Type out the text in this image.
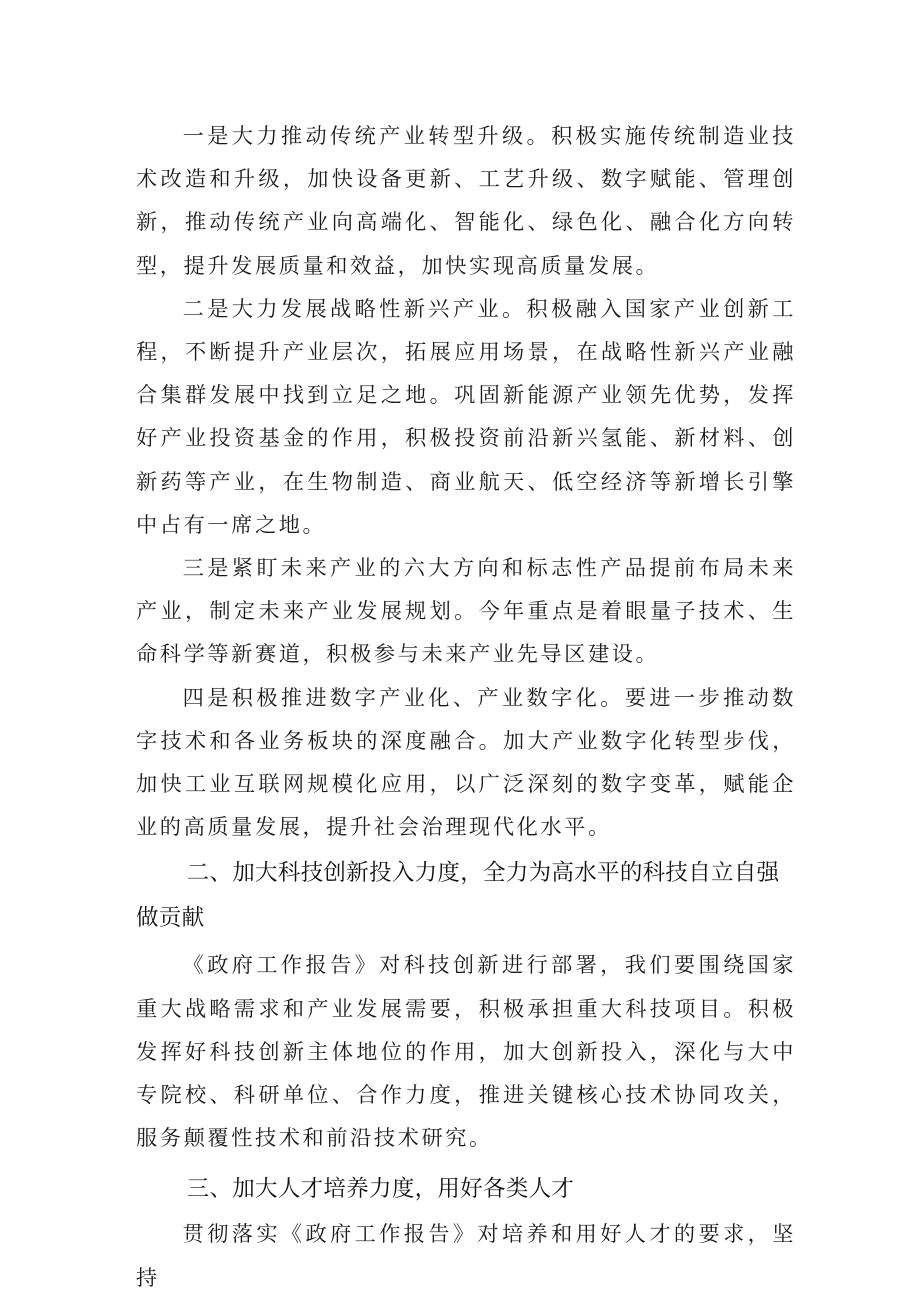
一是大力推动传统产业转型升级。积极实施传统制造业技术改造和升级，加快设备更新、工艺升级、数字赋能、管理创新，推动传统产业向高端化、智能化、绿色化、融合化方向转型，提升发展质量和效益，加快实现高质量发展。

二是大力发展战略性新兴产业。积极融入国家产业创新工程，不断提升产业层次，拓展应用场景，在战略性新兴产业融合集群发展中找到立足之地。巩固新能源产业领先优势，发挥好产业投资基金的作用，积极投资前沿新兴氢能、新材料、创新药等产业，在生物制造、商业航天、低空经济等新增长引擎中占有一席之地。

三是紧盯未来产业的六大方向和标志性产品提前布局未来产业，制定未来产业发展规划。今年重点是着眼量子技术、生命科学等新赛道，积极参与未来产业先导区建设。

四是积极推进数字产业化、产业数字化。要进一步推动数字技术和各业务板块的深度融合。加大产业数字化转型步伐，加快工业互联网规模化应用，以广泛深刻的数字变革，赋能企业的高质量发展，提升社会治理现代化水平。

二、加大科技创新投入力度，全力为高水平的科技自立自强做贡献

《政府工作报告》对科技创新进行部署，我们要围绕国家重大战略需求和产业发展需要，积极承担重大科技项目。积极发挥好科技创新主体地位的作用，加大创新投入，深化与大中专院校、科研单位、合作力度，推进关键核心技术协同攻关，服务颠覆性技术和前沿技术研究。

三、加大人才培养力度，用好各类人才

贯彻落实《政府工作报告》对培养和用好人才的要求，坚持
